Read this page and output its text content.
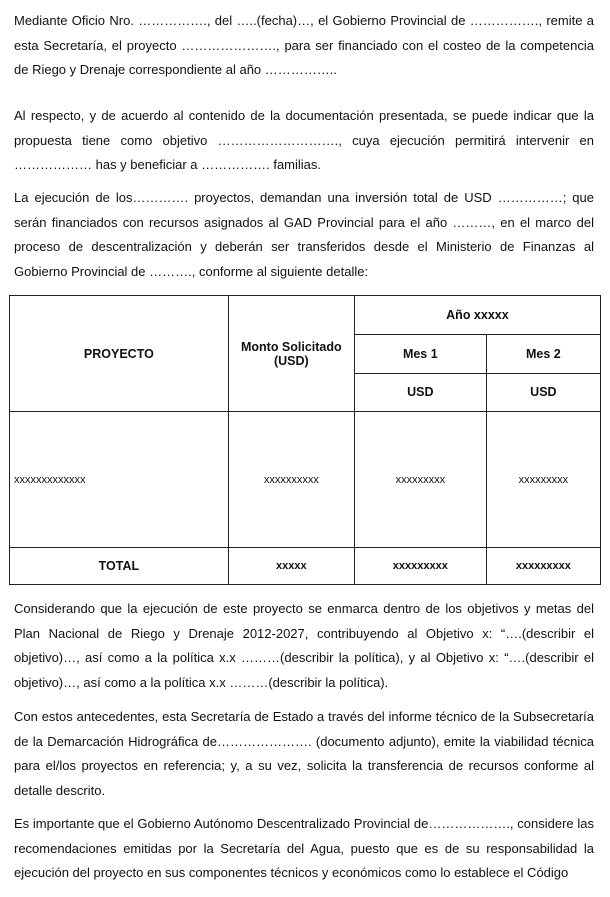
Mediante Oficio Nro. ……………., del …..(fecha)…, el Gobierno Provincial de ……………., remite a esta Secretaría, el proyecto …………………., para ser financiado con el costeo de la competencia de Riego y Drenaje correspondiente al año ……………..

Al respecto, y de acuerdo al contenido de la documentación presentada, se puede indicar que la propuesta tiene como objetivo ………………………., cuya ejecución permitirá intervenir en ……………… has y beneficiar a ……………. familias.

La ejecución de los…………. proyectos, demandan una inversión total de USD ……………; que serán financiados con recursos asignados al GAD Provincial para el año ………, en el marco del proceso de descentralización y deberán ser transferidos desde el Ministerio de Finanzas al Gobierno Provincial de ………., conforme al siguiente detalle:

PROYECTO	Monto Solicitado (USD)	Año xxxxx	
		Mes 1	Mes 2
		USD	USD
xxxxxxxxxxxxx	xxxxxxxxxx	xxxxxxxxx	xxxxxxxxx
TOTAL	xxxxx	xxxxxxxxx	xxxxxxxxx

Considerando que la ejecución de este proyecto se enmarca dentro de los objetivos y metas del Plan Nacional de Riego y Drenaje 2012-2027, contribuyendo al Objetivo x: “….(describir el objetivo)…, así como a la política x.x ………(describir la política), y al Objetivo x: “….(describir el objetivo)…, así como a la política x.x ………(describir la política).

Con estos antecedentes, esta Secretaría de Estado a través del informe técnico de la Subsecretaría de la Demarcación Hidrográfica de…………………. (documento adjunto), emite la viabilidad técnica para el/los proyectos en referencia; y, a su vez, solicita la transferencia de recursos conforme al detalle descrito.

Es importante que el Gobierno Autónomo Descentralizado Provincial de………………., considere las recomendaciones emitidas por la Secretaría del Agua, puesto que es de su responsabilidad la ejecución del proyecto en sus componentes técnicos y económicos como lo establece el Código
